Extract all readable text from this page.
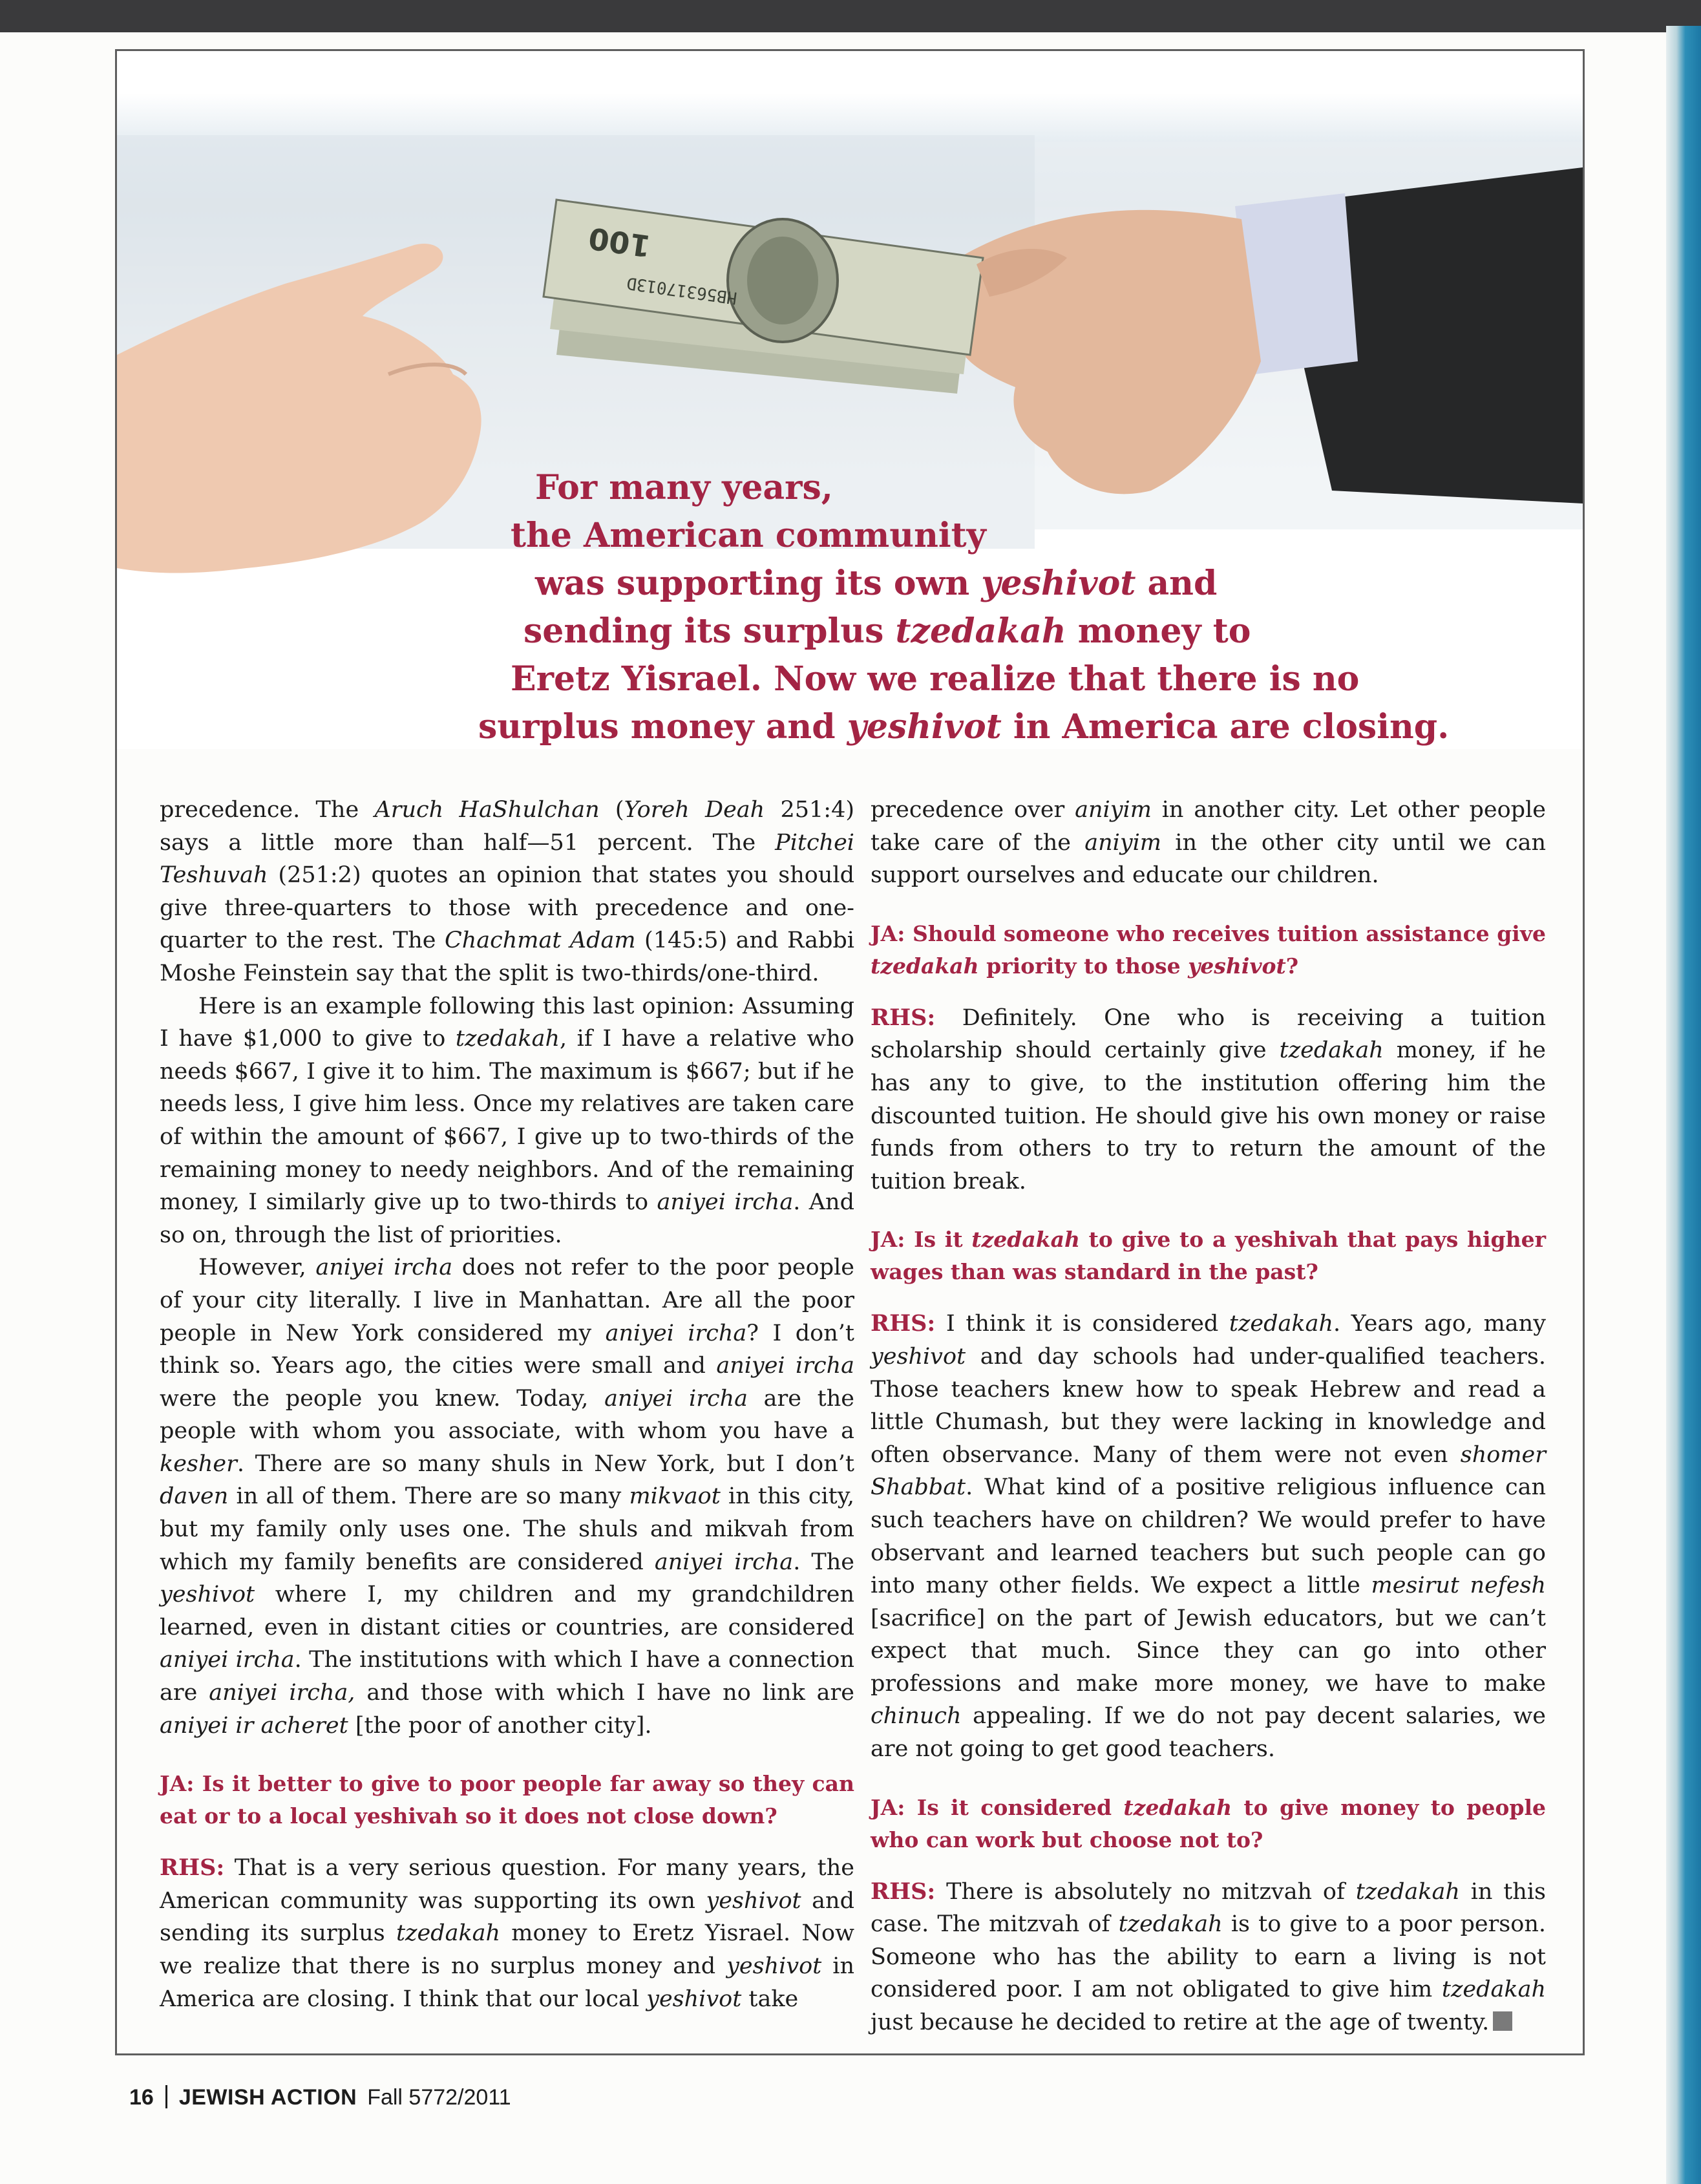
100
HB56317013D
For many years,
the American community
was supporting its own yeshivot and
sending its surplus tzedakah money to
Eretz Yisrael. Now we realize that there is no
surplus money and yeshivot in America are closing.

precedence. The Aruch HaShulchan (Yoreh Deah 251:4) says a little more than half—51 percent. The Pitchei Teshuvah (251:2) quotes an opinion that states you should give three-quarters to those with precedence and one-quarter to the rest. The Chachmat Adam (145:5) and Rabbi Moshe Feinstein say that the split is two-thirds/one-third.

Here is an example following this last opinion: Assuming I have $1,000 to give to tzedakah, if I have a relative who needs $667, I give it to him. The maximum is $667; but if he needs less, I give him less. Once my relatives are taken care of within the amount of $667, I give up to two-thirds of the remaining money to needy neighbors. And of the remaining money, I similarly give up to two-thirds to aniyei ircha. And so on, through the list of priorities.

However, aniyei ircha does not refer to the poor people of your city literally. I live in Manhattan. Are all the poor people in New York considered my aniyei ircha? I don’t think so. Years ago, the cities were small and aniyei ircha were the people you knew. Today, aniyei ircha are the people with whom you associate, with whom you have a kesher. There are so many shuls in New York, but I don’t daven in all of them. There are so many mikvaot in this city, but my family only uses one. The shuls and mikvah from which my family benefits are considered aniyei ircha. The yeshivot where I, my children and my grandchildren learned, even in distant cities or countries, are considered aniyei ircha. The institutions with which I have a connection are aniyei ircha, and those with which I have no link are aniyei ir acheret [the poor of another city].

JA: Is it better to give to poor people far away so they can eat or to a local yeshivah so it does not close down?

RHS: That is a very serious question. For many years, the American community was supporting its own yeshivot and sending its surplus tzedakah money to Eretz Yisrael. Now we realize that there is no surplus money and yeshivot in America are closing. I think that our local yeshivot take

precedence over aniyim in another city. Let other people take care of the aniyim in the other city until we can support ourselves and educate our children.

JA: Should someone who receives tuition assistance give tzedakah priority to those yeshivot?

RHS: Definitely. One who is receiving a tuition scholarship should certainly give tzedakah money, if he has any to give, to the institution offering him the discounted tuition. He should give his own money or raise funds from others to try to return the amount of the tuition break.

JA: Is it tzedakah to give to a yeshivah that pays higher wages than was standard in the past?

RHS: I think it is considered tzedakah. Years ago, many yeshivot and day schools had under-qualified teachers. Those teachers knew how to speak Hebrew and read a little Chumash, but they were lacking in knowledge and often observance. Many of them were not even shomer Shabbat. What kind of a positive religious influence can such teachers have on children? We would prefer to have observant and learned teachers but such people can go into many other fields. We expect a little mesirut nefesh [sacrifice] on the part of Jewish educators, but we can’t expect that much. Since they can go into other professions and make more money, we have to make chinuch appealing. If we do not pay decent salaries, we are not going to get good teachers.

JA: Is it considered tzedakah to give money to people who can work but choose not to?

RHS: There is absolutely no mitzvah of tzedakah in this case. The mitzvah of tzedakah is to give to a poor person. Someone who has the ability to earn a living is not considered poor. I am not obligated to give him tzedakah just because he decided to retire at the age of twenty.

16 JEWISH ACTION Fall 5772/2011
